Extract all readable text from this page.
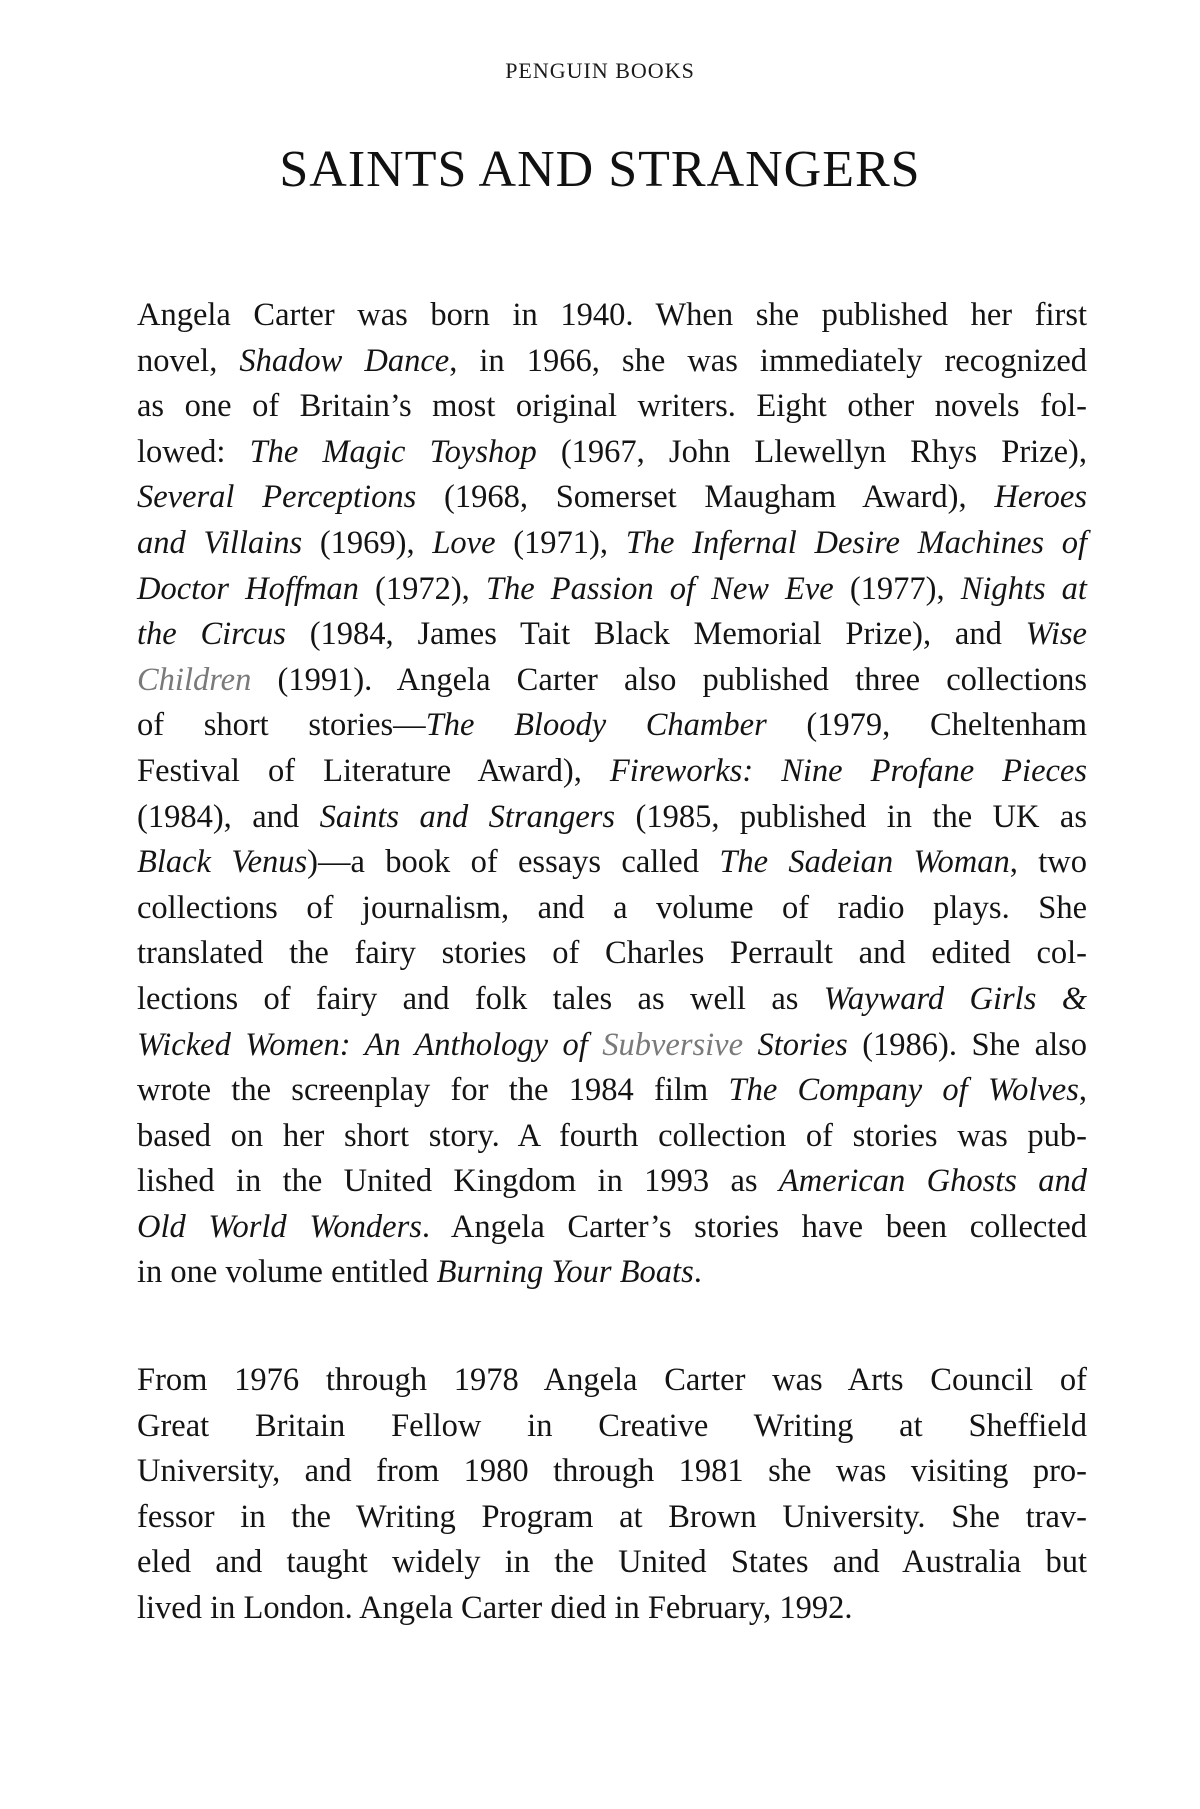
PENGUIN BOOKS
SAINTS AND STRANGERS
Angela Carter was born in 1940. When she published her first
novel, Shadow Dance, in 1966, she was immediately recognized
as one of Britain’s most original writers. Eight other novels fol-
lowed: The Magic Toyshop (1967, John Llewellyn Rhys Prize),
Several Perceptions (1968, Somerset Maugham Award), Heroes
and Villains (1969), Love (1971), The Infernal Desire Machines of
Doctor Hoffman (1972), The Passion of New Eve (1977), Nights at
the Circus (1984, James Tait Black Memorial Prize), and Wise
Children (1991). Angela Carter also published three collections
of short stories—The Bloody Chamber (1979, Cheltenham
Festival of Literature Award), Fireworks: Nine Profane Pieces
(1984), and Saints and Strangers (1985, published in the UK as
Black Venus)—a book of essays called The Sadeian Woman, two
collections of journalism, and a volume of radio plays. She
translated the fairy stories of Charles Perrault and edited col-
lections of fairy and folk tales as well as Wayward Girls &
Wicked Women: An Anthology of Subversive Stories (1986). She also
wrote the screenplay for the 1984 film The Company of Wolves,
based on her short story. A fourth collection of stories was pub-
lished in the United Kingdom in 1993 as American Ghosts and
Old World Wonders. Angela Carter’s stories have been collected
in one volume entitled Burning Your Boats.
From 1976 through 1978 Angela Carter was Arts Council of
Great Britain Fellow in Creative Writing at Sheffield
University, and from 1980 through 1981 she was visiting pro-
fessor in the Writing Program at Brown University. She trav-
eled and taught widely in the United States and Australia but
lived in London. Angela Carter died in February, 1992.
